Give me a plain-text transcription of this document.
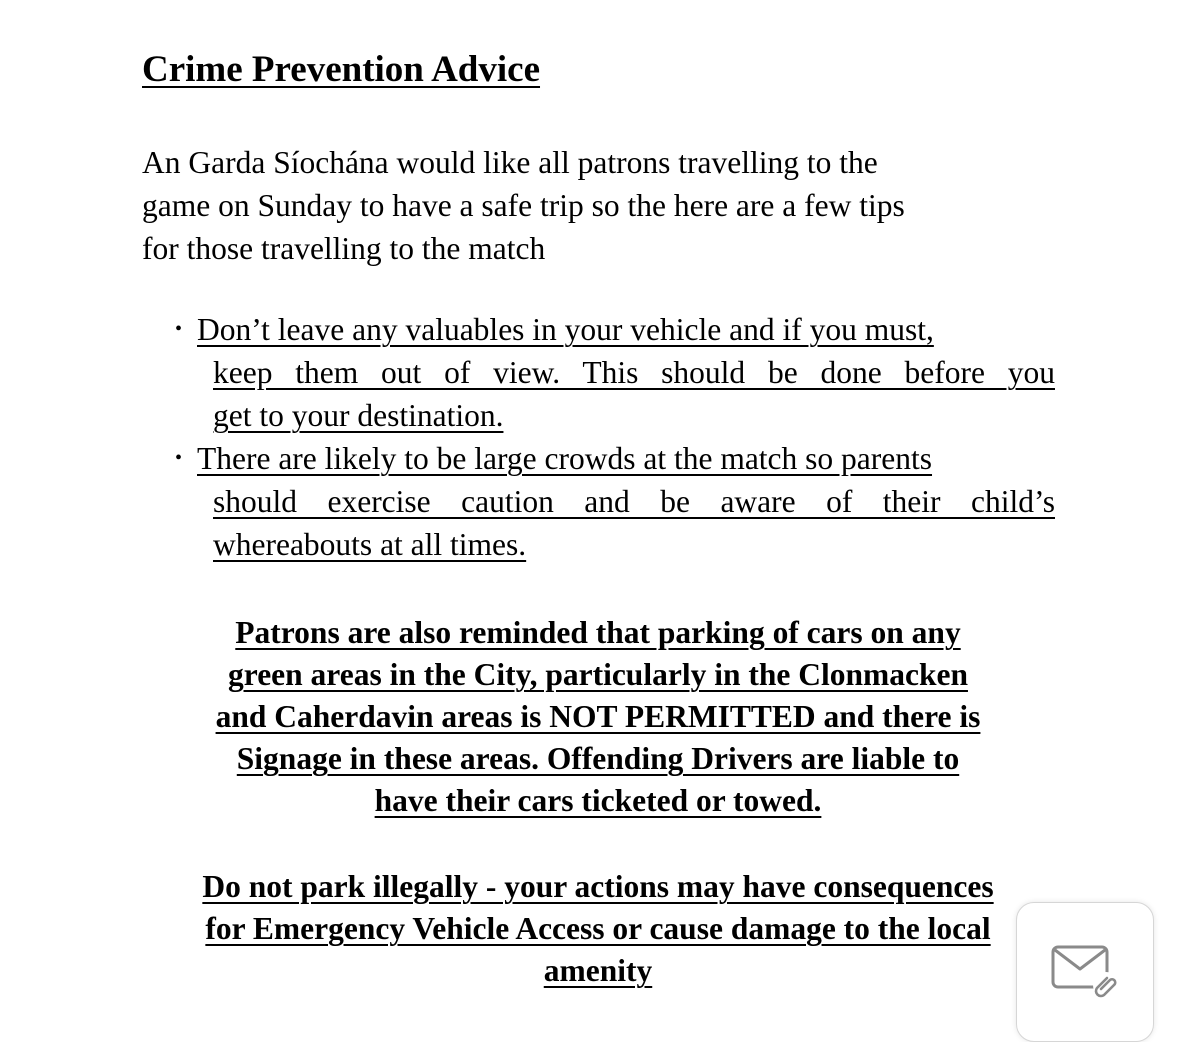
Crime Prevention Advice

An Garda Síochána would like all patrons travelling to the
game on Sunday to have a safe trip so the here are a few tips
for those travelling to the match

• Don’t leave any valuables in your vehicle and if you must,
keep them out of view. This should be done before you
get to your destination.
• There are likely to be large crowds at the match so parents
should exercise caution and be aware of their child’s
whereabouts at all times.

Patrons are also reminded that parking of cars on any
green areas in the City, particularly in the Clonmacken
and Caherdavin areas is NOT PERMITTED and there is
Signage in these areas. Offending Drivers are liable to
have their cars ticketed or towed.

Do not park illegally - your actions may have consequences
for Emergency Vehicle Access or cause damage to the local
amenity
